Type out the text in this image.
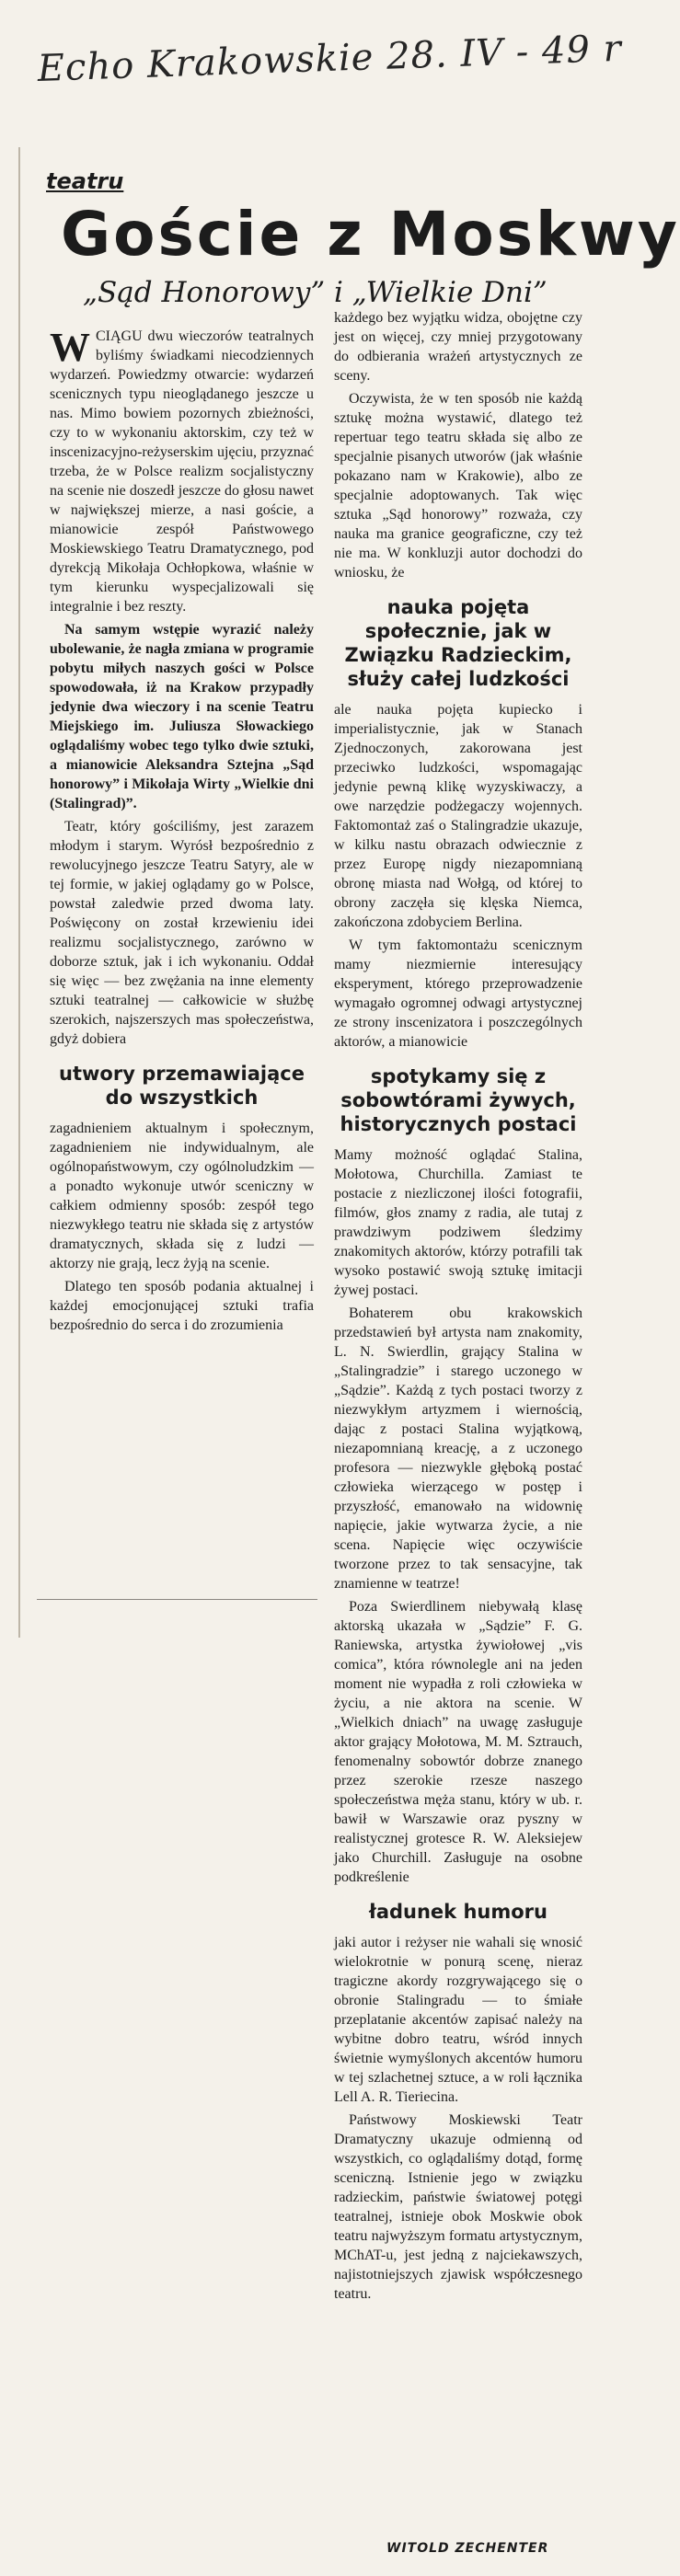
Echo Krakowskie 28. IV - 49 r
teatru
Goście z Moskwy
„Sąd Honorowy” i „Wielkie Dni”

WCIĄGU dwu wieczorów teatralnych byliśmy świadkami niecodziennych wydarzeń. Powiedzmy otwarcie: wydarzeń scenicznych typu nieoglądanego jeszcze u nas. Mimo bowiem pozornych zbieżności, czy to w wykonaniu aktorskim, czy też w inscenizacyjno-reżyserskim ujęciu, przyznać trzeba, że w Polsce realizm socjalistyczny na scenie nie doszedł jeszcze do głosu nawet w największej mierze, a nasi goście, a mianowicie zespół Państwowego Moskiewskiego Teatru Dramatycznego, pod dyrekcją Mikołaja Ochłopkowa, właśnie w tym kierunku wyspecjalizowali się integralnie i bez reszty.

Na samym wstępie wyrazić należy ubolewanie, że nagła zmiana w programie pobytu miłych naszych gości w Polsce spowodowała, iż na Krakow przypadły jedynie dwa wieczory i na scenie Teatru Miejskiego im. Juliusza Słowackiego oglądaliśmy wobec tego tylko dwie sztuki, a mianowicie Aleksandra Sztejna „Sąd honorowy” i Mikołaja Wirty „Wielkie dni (Stalingrad)”.

Teatr, który gościliśmy, jest zarazem młodym i starym. Wyrósł bezpośrednio z rewolucyjnego jeszcze Teatru Satyry, ale w tej formie, w jakiej oglądamy go w Polsce, powstał zaledwie przed dwoma laty. Poświęcony on został krzewieniu idei realizmu socjalistycznego, zarówno w doborze sztuk, jak i ich wykonaniu. Oddał się więc — bez zwężania na inne elementy sztuki teatralnej — całkowicie w służbę szerokich, najszerszych mas społeczeństwa, gdyż dobiera

utwory przemawiające do wszystkich

zagadnieniem aktualnym i społecznym, zagadnieniem nie indywidualnym, ale ogólnopaństwowym, czy ogólnoludzkim — a ponadto wykonuje utwór sceniczny w całkiem odmienny sposób: zespół tego niezwykłego teatru nie składa się z artystów dramatycznych, składa się z ludzi — aktorzy nie grają, lecz żyją na scenie.

Dlatego ten sposób podania aktualnej i każdej emocjonującej sztuki trafia bezpośrednio do serca i do zrozumienia

każdego bez wyjątku widza, obojętne czy jest on więcej, czy mniej przygotowany do odbierania wrażeń artystycznych ze sceny.

Oczywista, że w ten sposób nie każdą sztukę można wystawić, dlatego też repertuar tego teatru składa się albo ze specjalnie pisanych utworów (jak właśnie pokazano nam w Krakowie), albo ze specjalnie adoptowanych. Tak więc sztuka „Sąd honorowy” rozważa, czy nauka ma granice geograficzne, czy też nie ma. W konkluzji autor dochodzi do wniosku, że

nauka pojęta społecznie, jak w Związku Radzieckim, służy całej ludzkości

ale nauka pojęta kupiecko i imperialistycznie, jak w Stanach Zjednoczonych, zakorowana jest przeciwko ludzkości, wspomagając jedynie pewną klikę wyzyskiwaczy, a owe narzędzie podżegaczy wojennych. Faktomontaż zaś o Stalingradzie ukazuje, w kilku nastu obrazach odwiecznie z przez Europę nigdy niezapomnianą obronę miasta nad Wołgą, od której to obrony zaczęła się klęska Niemca, zakończona zdobyciem Berlina.

W tym faktomontażu scenicznym mamy niezmiernie interesujący eksperyment, którego przeprowadzenie wymagało ogromnej odwagi artystycznej ze strony inscenizatora i poszczególnych aktorów, a mianowicie

spotykamy się z sobowtórami żywych, historycznych postaci

Mamy możność oglądać Stalina, Mołotowa, Churchilla. Zamiast te postacie z niezliczonej ilości fotografii, filmów, głos znamy z radia, ale tutaj z prawdziwym podziwem śledzimy znakomitych aktorów, którzy potrafili tak wysoko postawić swoją sztukę imitacji żywej postaci.

Bohaterem obu krakowskich przedstawień był artysta nam znakomity, L. N. Swierdlin, grający Stalina w „Stalingradzie” i starego uczonego w „Sądzie”. Każdą z tych postaci tworzy z niezwykłym artyzmem i wiernością, dając z postaci Stalina wyjątkową, niezapomnianą kreację, a z uczonego profesora — niezwykle głęboką postać człowieka wierzącego w postęp i przyszłość, emanowało na widownię napięcie, jakie wytwarza życie, a nie scena. Napięcie więc oczywiście tworzone przez to tak sensacyjne, tak znamienne w teatrze!

Poza Swierdlinem niebywałą klasę aktorską ukazała w „Sądzie” F. G. Raniewska, artystka żywiołowej „vis comica”, która równolegle ani na jeden moment nie wypadła z roli człowieka w życiu, a nie aktora na scenie. W „Wielkich dniach” na uwagę zasługuje aktor grający Mołotowa, M. M. Sztrauch, fenomenalny sobowtór dobrze znanego przez szerokie rzesze naszego społeczeństwa męża stanu, który w ub. r. bawił w Warszawie oraz pyszny w realistycznej grotesce R. W. Aleksiejew jako Churchill. Zasługuje na osobne podkreślenie

ładunek humoru

jaki autor i reżyser nie wahali się wnosić wielokrotnie w ponurą scenę, nieraz tragiczne akordy rozgrywającego się o obronie Stalingradu — to śmiałe przeplatanie akcentów zapisać należy na wybitne dobro teatru, wśród innych świetnie wymyślonych akcentów humoru w tej szlachetnej sztuce, a w roli łącznika Lell A. R. Tieriecina.

Państwowy Moskiewski Teatr Dramatyczny ukazuje odmienną od wszystkich, co oglądaliśmy dotąd, formę sceniczną. Istnienie jego w związku radzieckim, państwie światowej potęgi teatralnej, istnieje obok Moskwie obok teatru najwyższym formatu artystycznym, MChAT-u, jest jedną z najciekawszych, najistotniejszych zjawisk współczesnego teatru.

WITOLD ZECHENTER
